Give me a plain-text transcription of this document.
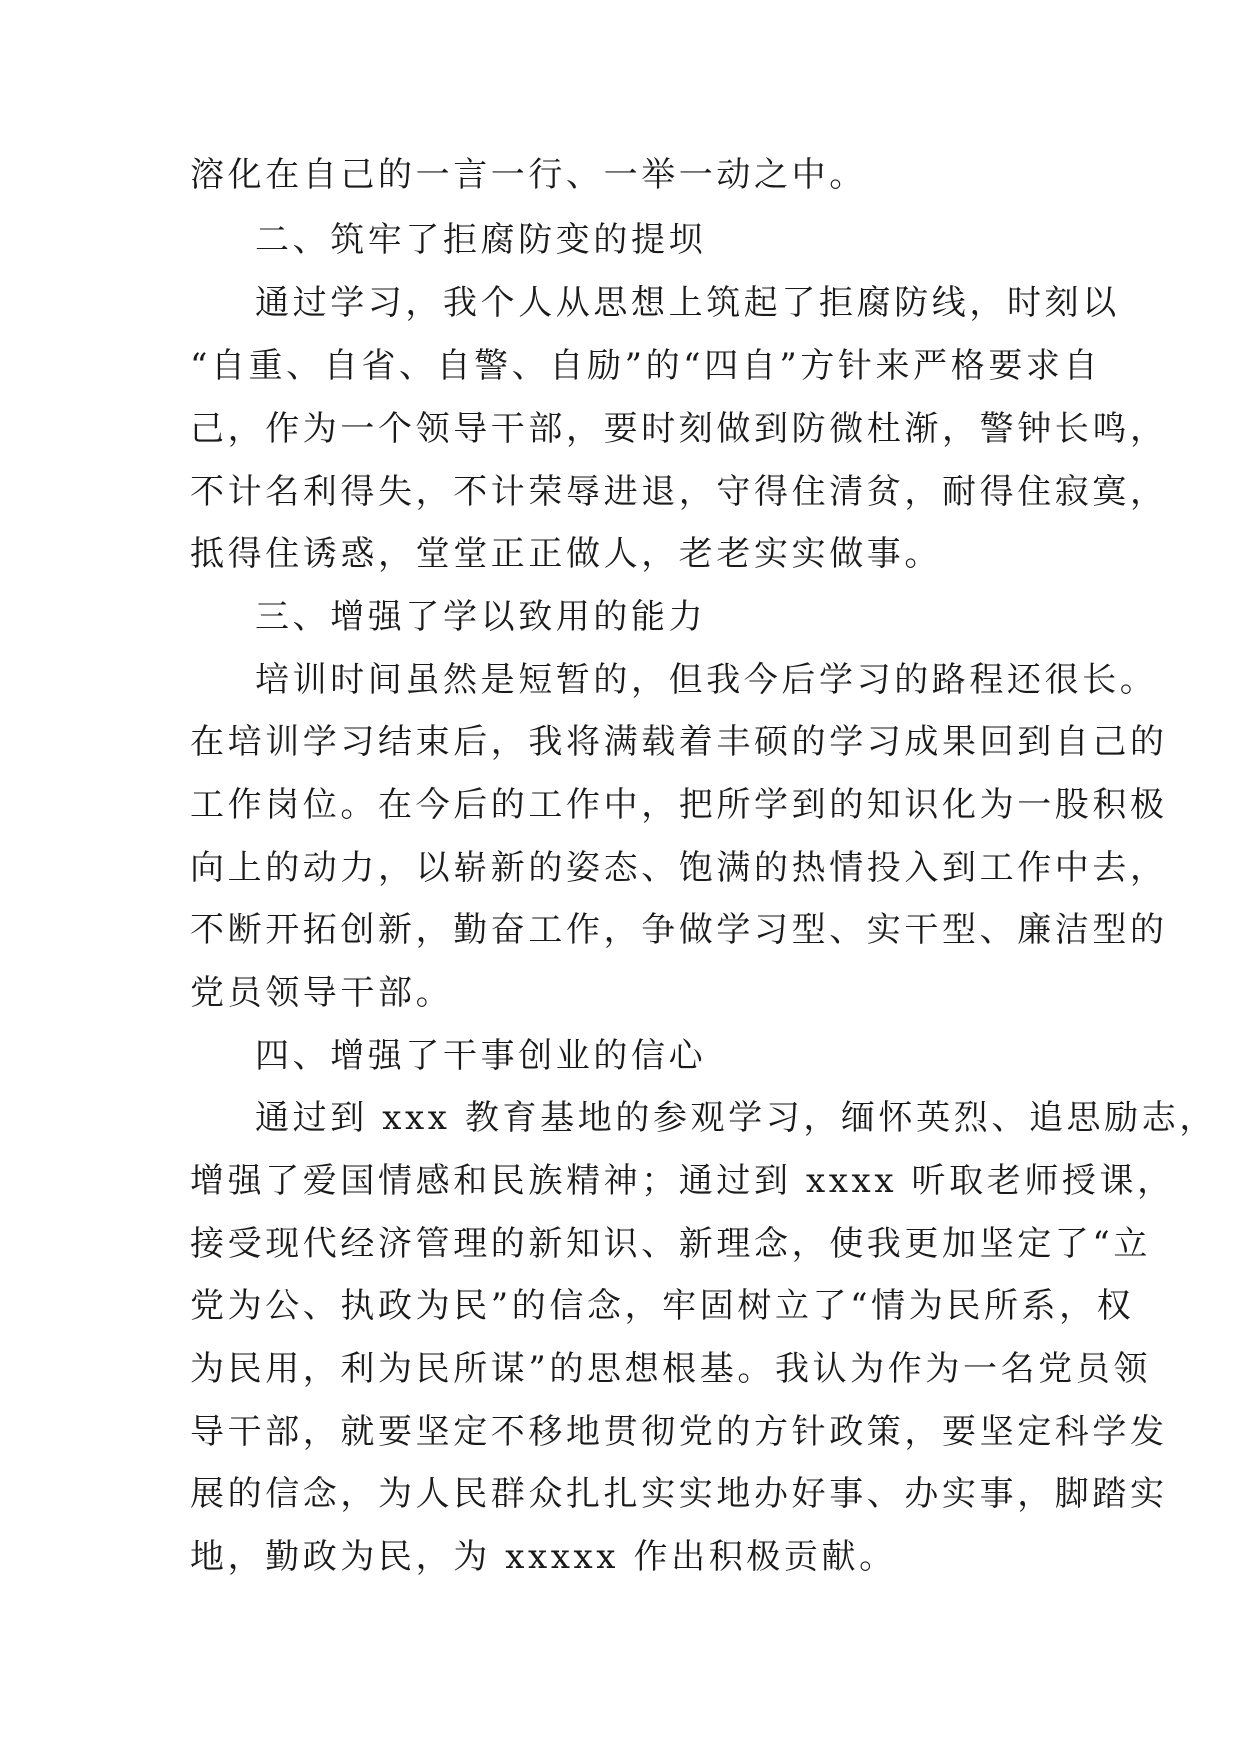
溶化在自己的一言一行、一举一动之中。
二、筑牢了拒腐防变的提坝
通过学习，我个人从思想上筑起了拒腐防线，时刻以
“自重、自省、自警、自励”的“四自”方针来严格要求自
己，作为一个领导干部，要时刻做到防微杜渐，警钟长鸣，
不计名利得失，不计荣辱进退，守得住清贫，耐得住寂寞，
抵得住诱惑，堂堂正正做人，老老实实做事。
三、增强了学以致用的能力
培训时间虽然是短暂的，但我今后学习的路程还很长。
在培训学习结束后，我将满载着丰硕的学习成果回到自己的
工作岗位。在今后的工作中，把所学到的知识化为一股积极
向上的动力，以崭新的姿态、饱满的热情投入到工作中去，
不断开拓创新，勤奋工作，争做学习型、实干型、廉洁型的
党员领导干部。
四、增强了干事创业的信心
通过到 xxx 教育基地的参观学习，缅怀英烈、追思励志，
增强了爱国情感和民族精神；通过到 xxxx 听取老师授课，
接受现代经济管理的新知识、新理念，使我更加坚定了“立
党为公、执政为民”的信念，牢固树立了“情为民所系，权
为民用，利为民所谋”的思想根基。我认为作为一名党员领
导干部，就要坚定不移地贯彻党的方针政策，要坚定科学发
展的信念，为人民群众扎扎实实地办好事、办实事，脚踏实
地，勤政为民，为 xxxxx 作出积极贡献。
